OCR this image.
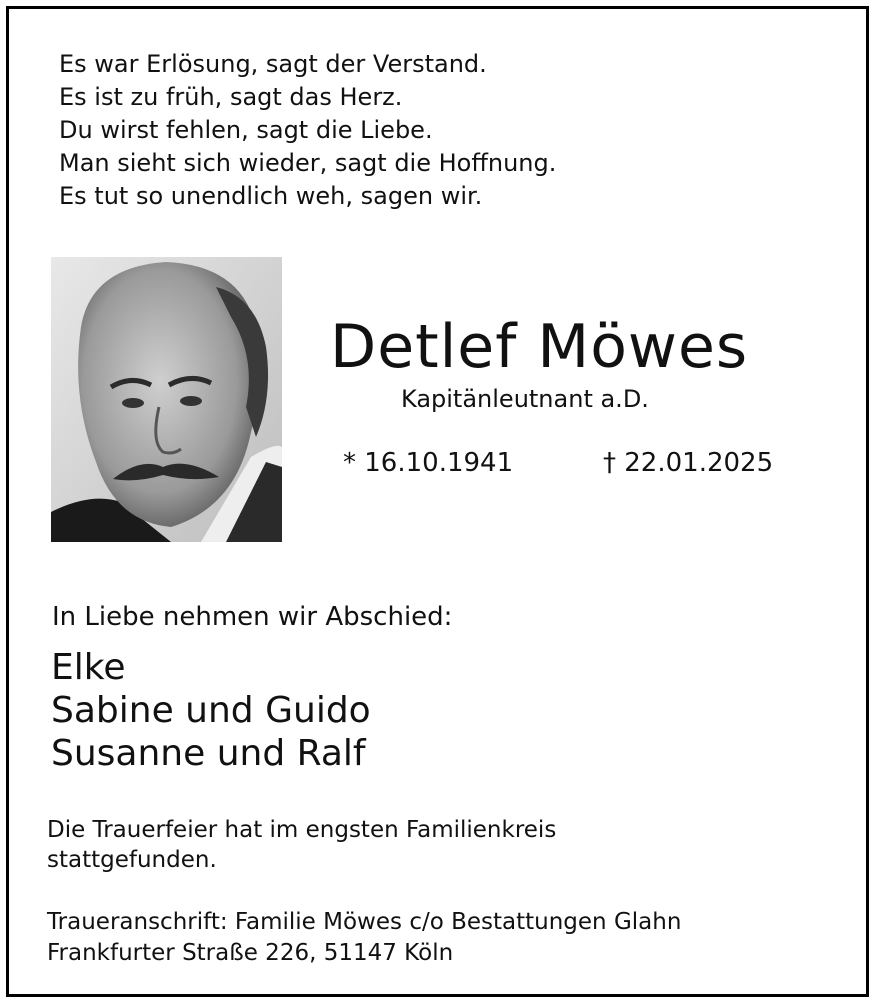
Es war Erlösung, sagt der Verstand.
Es ist zu früh, sagt das Herz.
Du wirst fehlen, sagt die Liebe.
Man sieht sich wieder, sagt die Hoffnung.
Es tut so unendlich weh, sagen wir.
Detlef Möwes
Kapitänleutnant a.D.
* 16.10.1941	† 22.01.2025
In Liebe nehmen wir Abschied:
Elke
Sabine und Guido
Susanne und Ralf
Die Trauerfeier hat im engsten Familienkreis
stattgefunden.
Traueranschrift: Familie Möwes c/o Bestattungen Glahn
Frankfurter Straße 226, 51147 Köln
